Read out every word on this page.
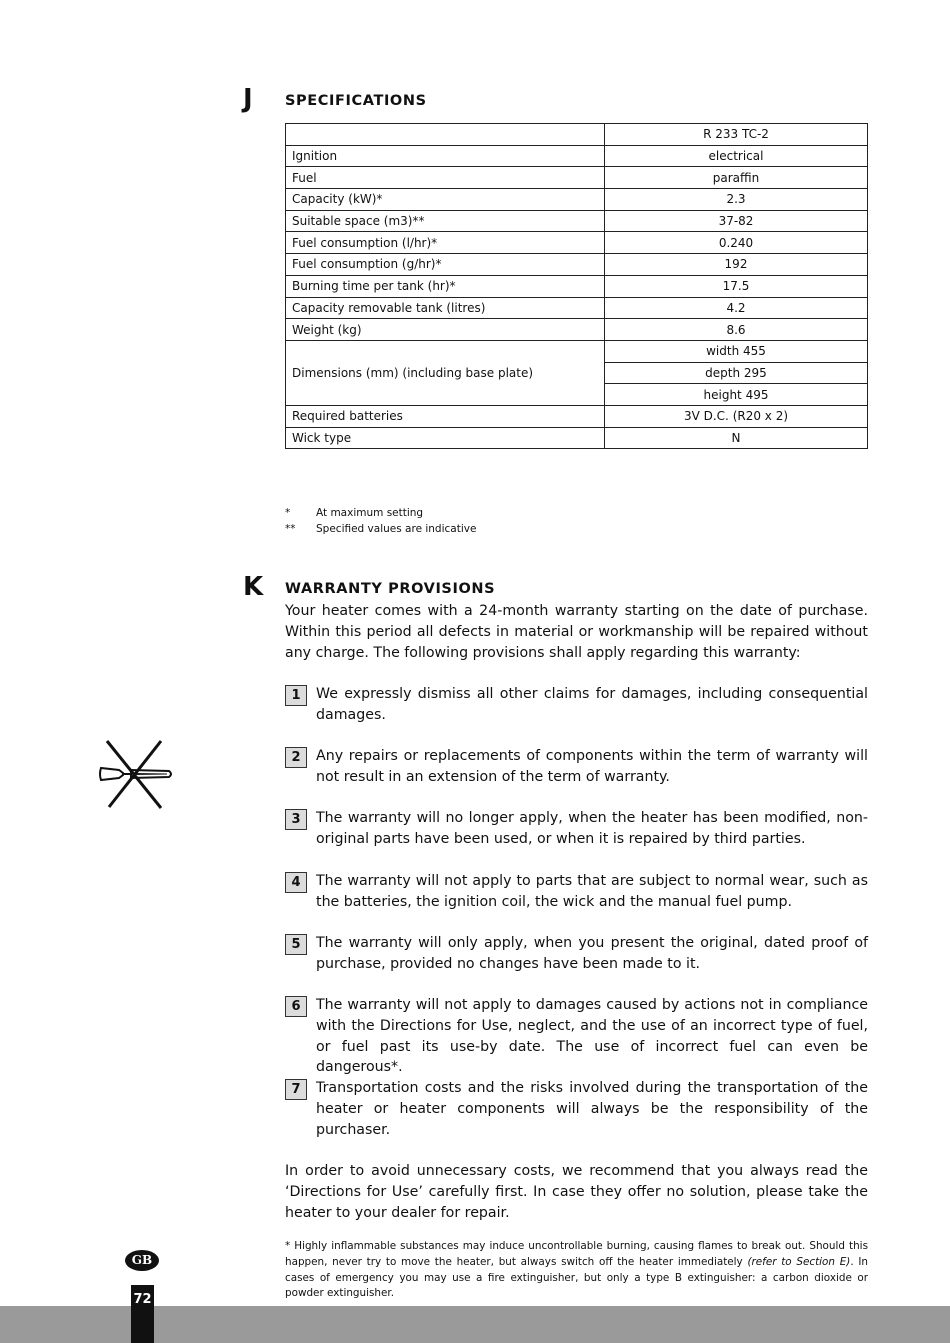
J SPECIFICATIONS
	R 233 TC-2
Ignition	electrical
Fuel	paraffin
Capacity (kW)*	2.3
Suitable space (m3)**	37-82
Fuel consumption (l/hr)*	0.240
Fuel consumption (g/hr)*	192
Burning time per tank (hr)*	17.5
Capacity removable tank (litres)	4.2
Weight (kg)	8.6
Dimensions (mm) (including base plate)	width 455
	depth 295
	height 495
Required batteries	3V D.C. (R20 x 2)
Wick type	N
* At maximum setting
** Specified values are indicative
K WARRANTY PROVISIONS
Your heater comes with a 24-month warranty starting on the date of purchase. Within this period all defects in material or workmanship will be repaired without any charge. The following provisions shall apply regarding this warranty:
1	We expressly dismiss all other claims for damages, including consequential damages.
2	Any repairs or replacements of components within the term of warranty will not result in an extension of the term of warranty.
3	The warranty will no longer apply, when the heater has been modified, non-original parts have been used, or when it is repaired by third parties.
4	The warranty will not apply to parts that are subject to normal wear, such as the batteries, the ignition coil, the wick and the manual fuel pump.
5	The warranty will only apply, when you present the original, dated proof of purchase, provided no changes have been made to it.
6	The warranty will not apply to damages caused by actions not in compliance with the Directions for Use, neglect, and the use of an incorrect type of fuel, or fuel past its use-by date. The use of incorrect fuel can even be dangerous*.
7	Transportation costs and the risks involved during the transportation of the heater or heater components will always be the responsibility of the purchaser.
In order to avoid unnecessary costs, we recommend that you always read the ‘Directions for Use’ carefully first. In case they offer no solution, please take the heater to your dealer for repair.
* Highly inflammable substances may induce uncontrollable burning, causing flames to break out. Should this happen, never try to move the heater, but always switch off the heater immediately (refer to Section E). In cases of emergency you may use a fire extinguisher, but only a type B extinguisher: a carbon dioxide or powder extinguisher.
GB
72
